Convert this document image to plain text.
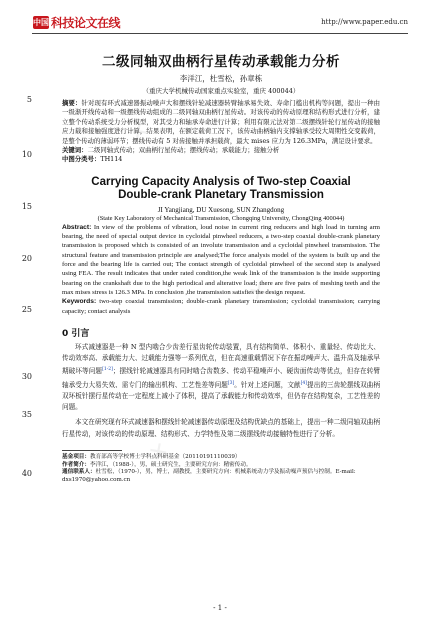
中国 科技论文在线	http://www.paper.edu.cn
✕
✕
✕
5
10
15
20
25
30
35
40
二级同轴双曲柄行星传动承载能力分析

李洋江，杜雪松，孙章栋

（重庆大学机械传动国家重点实验室，重庆 400044）

摘要：针对现有环式减速器振动噪声大和摆线针轮减速器转臂轴承易失效、寿命门槛出机构等问题，提出一种由一级渐开线传动和一级摆线传动组成的二级同轴双曲柄行星传动。对该传动的传动原理和结构形式进行分析，建立整个传动系统受力分析模型，对其受力和轴承寿命进行计算；利用有限元法对第二级摆线针轮行星传动的接触应力载和接触强度进行计算，结果表明，在额定载荷工况下，该传动曲柄轴内支撑轴承受较大周期性交变载荷，是整个传动的薄弱环节；摆线传动有 5 对齿接触并承担载荷，最大 mises 应力为 126.3MPa，满足设计要求。

关键词：二级同轴式传动；双曲柄行星传动；摆线传动；承载能力；接触分析

中图分类号：TH114

Carrying Capacity Analysis of Two-step Coaxial
Double-crank Planetary Transmission

JI Yangjiang, DU Xuesong, SUN Zhangdong

(State Key Laboratory of Mechanical Transmission, Chongqing University, ChongQing 400044)

Abstract: In view of the problems of vibration, loud noise in current ring reducers and high load in turning arm bearing, the need of special output device in cycloidal pinwheel reducers, a two-step coaxial double-crank planetary transmission is proposed which is consisted of an involute transmission and a cycloidal pinwheel transmission. The structural feature and transmission principle are analysed;The force analysis model of the system is built up and the force and the bearing life is carried out; The contact strength of cycloidal pinwheel of the second step is analysed using FEA. The result indicates that under rated condition,the weak link of the transmission is the inside supporting bearing on the crankshaft due to the high periodical and alterative load; there are five pairs of meshing teeth and the max mises stress is 126.3 MPa. In conclusion ,the transmission satisfies the design request.

Keywords: two-step coaxial transmission; double-crank planetary transmission; cycloidal transmission; carrying capacity; contact analysis

0 引言

环式减速器是一种 N 型内啮合少齿差行星齿轮传动装置，具有结构简单、体积小、重量轻、传动比大、传动效率高、承载能力大、过载能力强等一系列优点，但在高速重载情况下存在振动噪声大、温升高及轴承早期破坏等问题[1-2]；摆线针轮减速器具有同时啮合齿数多、传动平稳噪声小、硬齿面传动等优点，但存在转臂轴承受力大易失效、需专门的输出机构、工艺性差等问题[3]。针对上述问题，文献[4]提出的三齿轮摆线双曲柄双环板针摆行星传动在一定程度上减小了体积，提高了承载能力和传动效率，但仍存在结构复杂，工艺性差的问题。

本文在研究现有环式减速器和摆线针轮减速器传动原理及结构优缺点的基础上，提出一种二级同轴双曲柄行星传动，对该传动的传动原理、结构形式、力学特性及第二级摆线传动接触特性进行了分析。

基金项目：教育部高等学校博士学科点科研基金（20110191110039）

作者简介：李洋江，（1988-），男，硕士研究生，主要研究方向：精密传动。

通信联系人：杜雪松，（1970-），男，博士，副教授，主要研究方向：机械系统动力学及振动噪声预估与控制。E-mail: dxs1970@yahoo.com.cn

- 1 -
